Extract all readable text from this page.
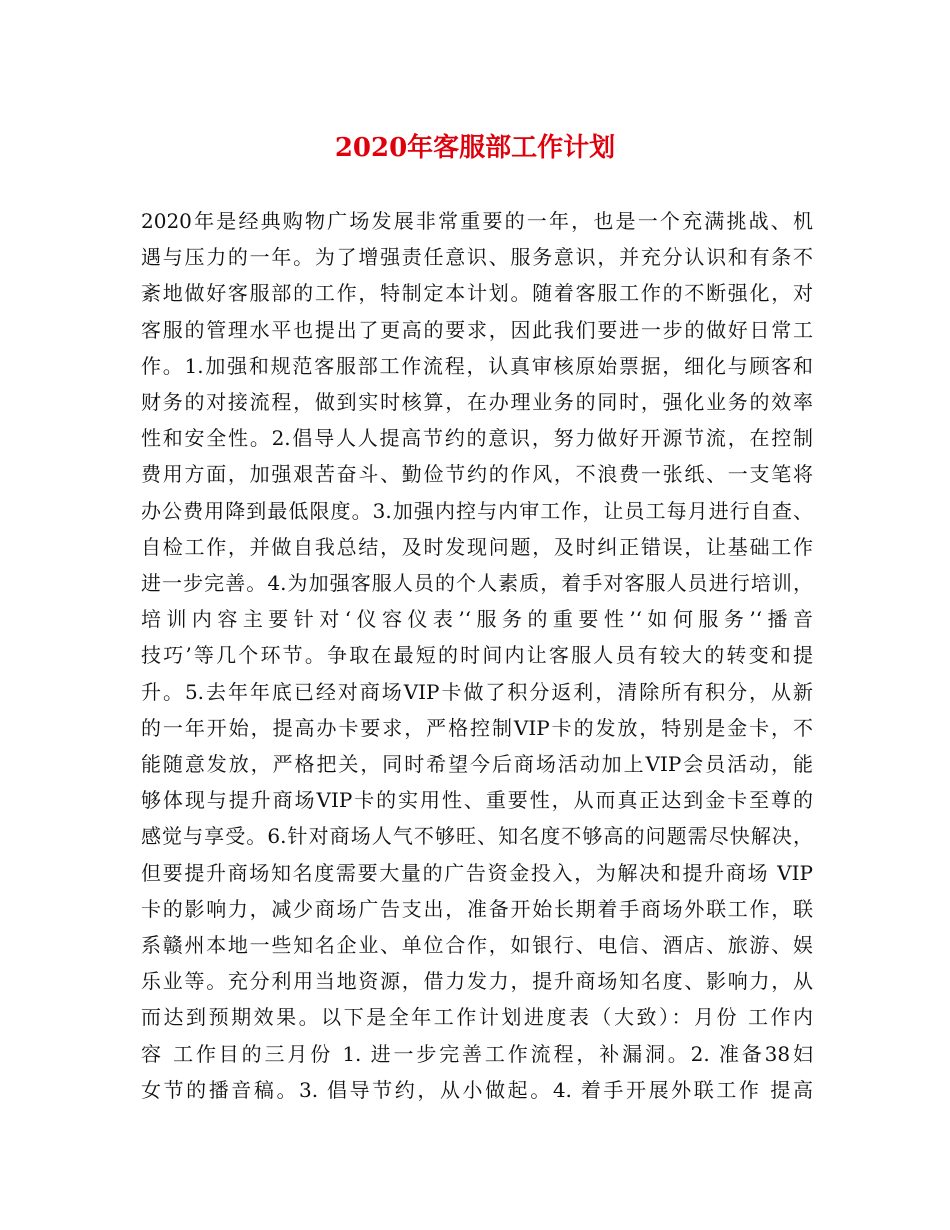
2020年客服部工作计划
2020年是经典购物广场发展非常重要的一年，也是一个充满挑战、机
遇与压力的一年。为了增强责任意识、服务意识，并充分认识和有条不
紊地做好客服部的工作，特制定本计划。随着客服工作的不断强化，对
客服的管理水平也提出了更高的要求，因此我们要进一步的做好日常工
作。1.加强和规范客服部工作流程，认真审核原始票据，细化与顾客和
财务的对接流程，做到实时核算，在办理业务的同时，强化业务的效率
性和安全性。2.倡导人人提高节约的意识，努力做好开源节流，在控制
费用方面，加强艰苦奋斗、勤俭节约的作风，不浪费一张纸、一支笔将
办公费用降到最低限度。3.加强内控与内审工作，让员工每月进行自查、
自检工作，并做自我总结，及时发现问题，及时纠正错误，让基础工作
进一步完善。4.为加强客服人员的个人素质，着手对客服人员进行培训，
培训内容主要针对‘仪容仪表’‘服务的重要性’‘如何服务’‘播音
技巧’等几个环节。争取在最短的时间内让客服人员有较大的转变和提
升。5.去年年底已经对商场VIP卡做了积分返利，清除所有积分，从新
的一年开始，提高办卡要求，严格控制VIP卡的发放，特别是金卡，不
能随意发放，严格把关，同时希望今后商场活动加上VIP会员活动，能
够体现与提升商场VIP卡的实用性、重要性，从而真正达到金卡至尊的
感觉与享受。6.针对商场人气不够旺、知名度不够高的问题需尽快解决，
但要提升商场知名度需要大量的广告资金投入，为解决和提升商场 VIP
卡的影响力，减少商场广告支出，准备开始长期着手商场外联工作，联
系赣州本地一些知名企业、单位合作，如银行、电信、酒店、旅游、娱
乐业等。充分利用当地资源，借力发力，提升商场知名度、影响力，从
而达到预期效果。以下是全年工作计划进度表（大致）：月份 工作内
容 工作目的三月份 1. 进一步完善工作流程，补漏洞。2. 准备38妇
女节的播音稿。3. 倡导节约，从小做起。4. 着手开展外联工作 提高
